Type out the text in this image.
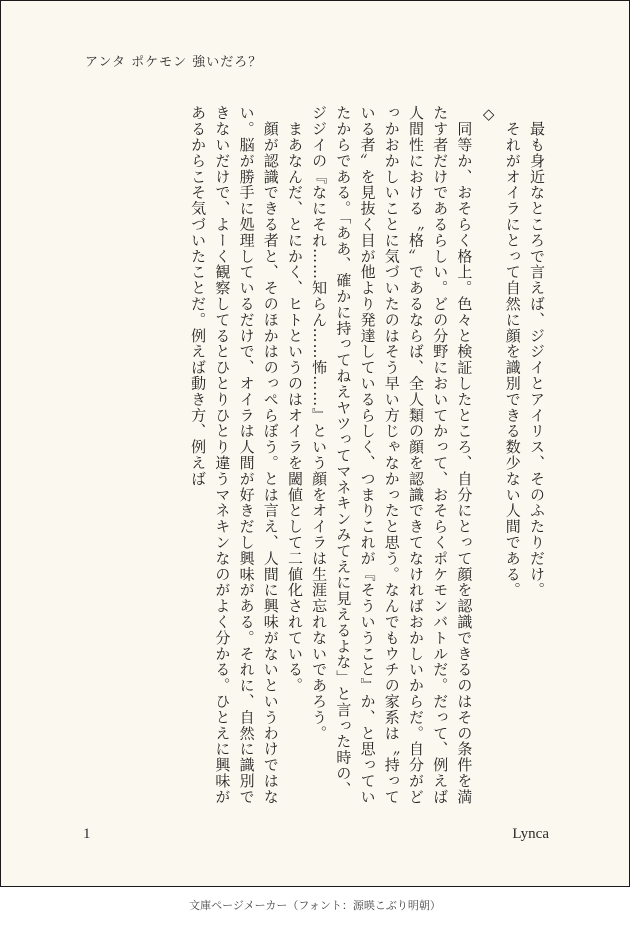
アンタ ポケモン 強いだろ？

　最も身近なところで言えば、ジジイとアイリス、そのふたりだけ。

　それがオイラにとって自然に顔を識別できる数少ない人間である。

◇

　同等か、おそらく格上。色々と検証したところ、自分にとって顔を認識できるのはその条件を満たす者だけであるらしい。どの分野においてかって、おそらくポケモンバトルだ。だって、例えば人間性における〝格〟であるならば、全人類の顔を認識できてなければおかしいからだ。自分がどっかおかしいことに気づいたのはそう早い方じゃなかったと思う。なんでもウチの家系は〝持っている者〟を見抜く目が他より発達しているらしく、つまりこれが『そういうこと』か、と思っていたからである。「ああ、確かに持ってねえヤツってマネキンみてえに見えるよな」と言った時の、ジジイの『なにそれ……知らん……怖……』という顔をオイラは生涯忘れないであろう。

　まあなんだ、とにかく、ヒトというのはオイラを閾値として二値化されている。

　顔が認識できる者と、そのほかはのっぺらぼう。とは言え、人間に興味がないというわけではない。脳が勝手に処理しているだけで、オイラは人間が好きだし興味がある。それに、自然に識別できないだけで、よーく観察してるとひとりひとり違うマネキンなのがよく分かる。ひとえに興味があるからこそ気づいたことだ。例えば動き方、例えば

1	Lynca
文庫ページメーカー（フォント：源暎こぶり明朝）
